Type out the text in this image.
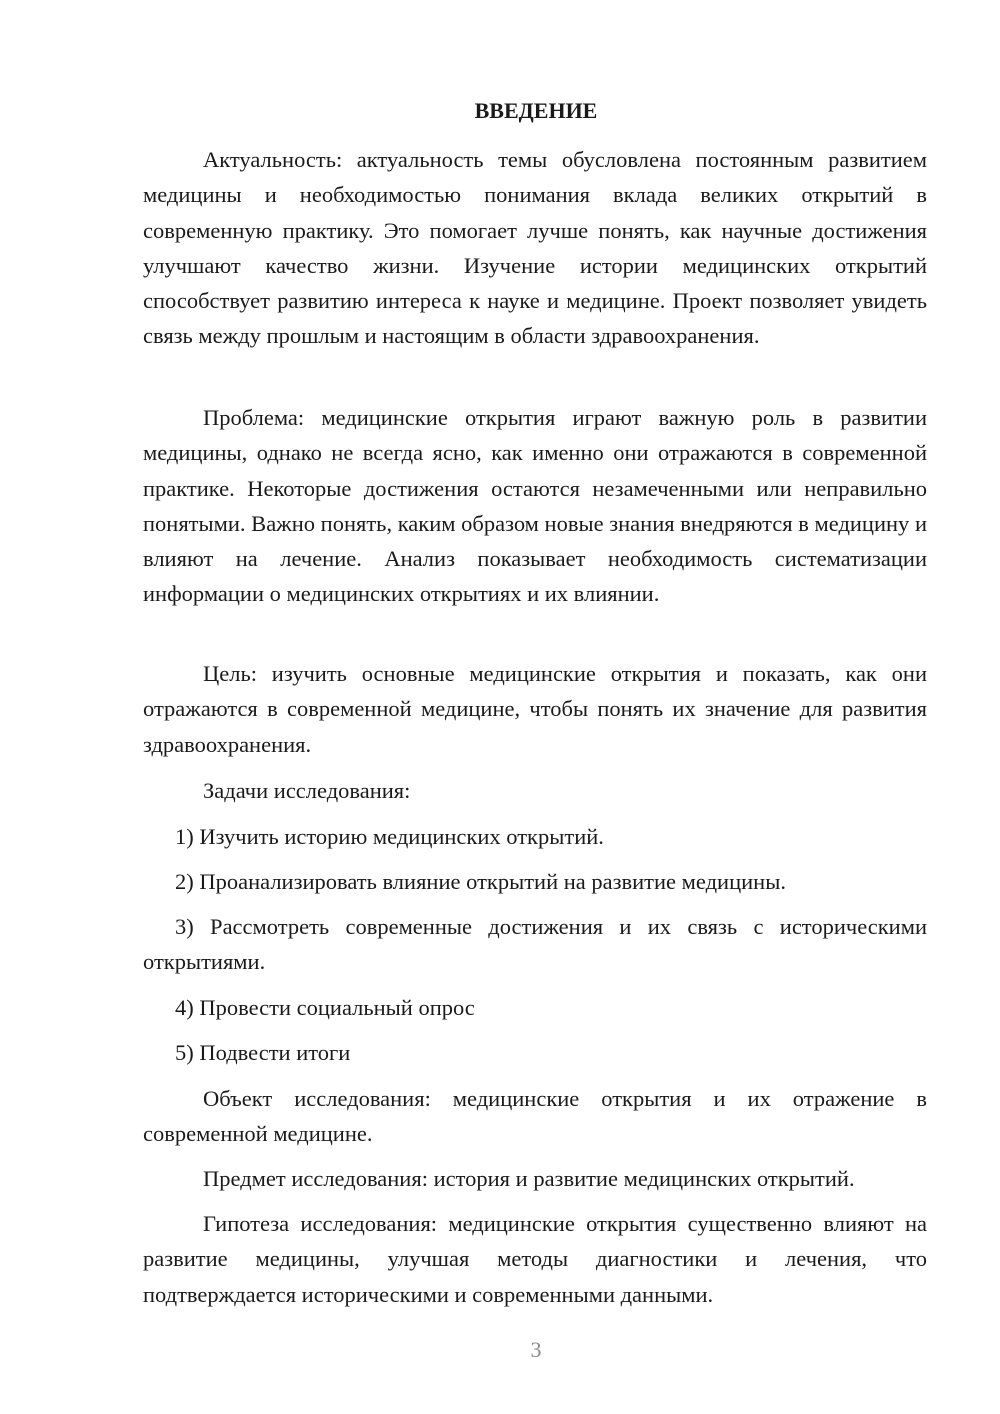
ВВЕДЕНИЕ

Актуальность: актуальность темы обусловлена постоянным развитием медицины и необходимостью понимания вклада великих открытий в современную практику. Это помогает лучше понять, как научные достижения улучшают качество жизни. Изучение истории медицинских открытий способствует развитию интереса к науке и медицине. Проект позволяет увидеть связь между прошлым и настоящим в области здравоохранения.

Проблема: медицинские открытия играют важную роль в развитии медицины, однако не всегда ясно, как именно они отражаются в современной практике. Некоторые достижения остаются незамеченными или неправильно понятыми. Важно понять, каким образом новые знания внедряются в медицину и влияют на лечение. Анализ показывает необходимость систематизации информации о медицинских открытиях и их влиянии.

Цель: изучить основные медицинские открытия и показать, как они отражаются в современной медицине, чтобы понять их значение для развития здравоохранения.

Задачи исследования:

1) Изучить историю медицинских открытий.

2) Проанализировать влияние открытий на развитие медицины.

3) Рассмотреть современные достижения и их связь с историческими открытиями.

4) Провести социальный опрос

5) Подвести итоги

Объект исследования: медицинские открытия и их отражение в современной медицине.

Предмет исследования: история и развитие медицинских открытий.

Гипотеза исследования: медицинские открытия существенно влияют на развитие медицины, улучшая методы диагностики и лечения, что подтверждается историческими и современными данными.

3
